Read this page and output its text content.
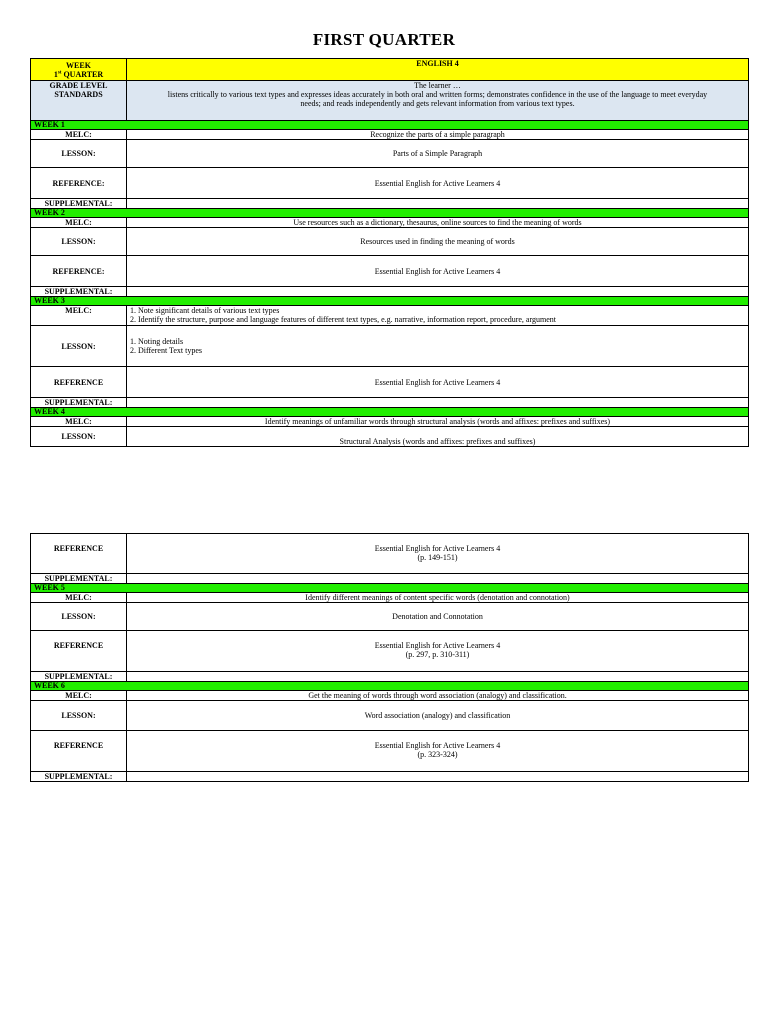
FIRST QUARTER
WEEK
1st QUARTER	ENGLISH 4
GRADE LEVEL STANDARDS	The learner …
listens critically to various text types and expresses ideas accurately in both oral and written forms; demonstrates confidence in the use of the language to meet everyday needs; and reads independently and gets relevant information from various text types.
WEEK 1	
MELC:	Recognize the parts of a simple paragraph
LESSON:	Parts of a Simple Paragraph
REFERENCE:	Essential English for Active Learners 4
SUPPLEMENTAL:	
WEEK 2	
MELC:	Use resources such as a dictionary, thesaurus, online sources to find the meaning of words
LESSON:	Resources used in finding the meaning of words
REFERENCE:	Essential English for Active Learners 4
SUPPLEMENTAL:	
WEEK 3	
MELC:	1. Note significant details of various text types
2. Identify the structure, purpose and language features of different text types, e.g. narrative, information report, procedure, argument
LESSON:	1. Noting details
2. Different Text types
REFERENCE	Essential English for Active Learners 4
SUPPLEMENTAL:	
WEEK 4	
MELC:	Identify meanings of unfamiliar words through structural analysis (words and affixes: prefixes and suffixes)
LESSON:	Structural Analysis (words and affixes: prefixes and suffixes)
REFERENCE	Essential English for Active Learners 4
(p. 149-151)
SUPPLEMENTAL:	
WEEK 5	
MELC:	Identify different meanings of content specific words (denotation and connotation)
LESSON:	Denotation and Connotation
REFERENCE	Essential English for Active Learners 4
(p. 297, p. 310-311)
SUPPLEMENTAL:	
WEEK 6	
MELC:	Get the meaning of words through word association (analogy) and classification.
LESSON:	Word association (analogy) and classification
REFERENCE	Essential English for Active Learners 4
(p. 323-324)
SUPPLEMENTAL:	
